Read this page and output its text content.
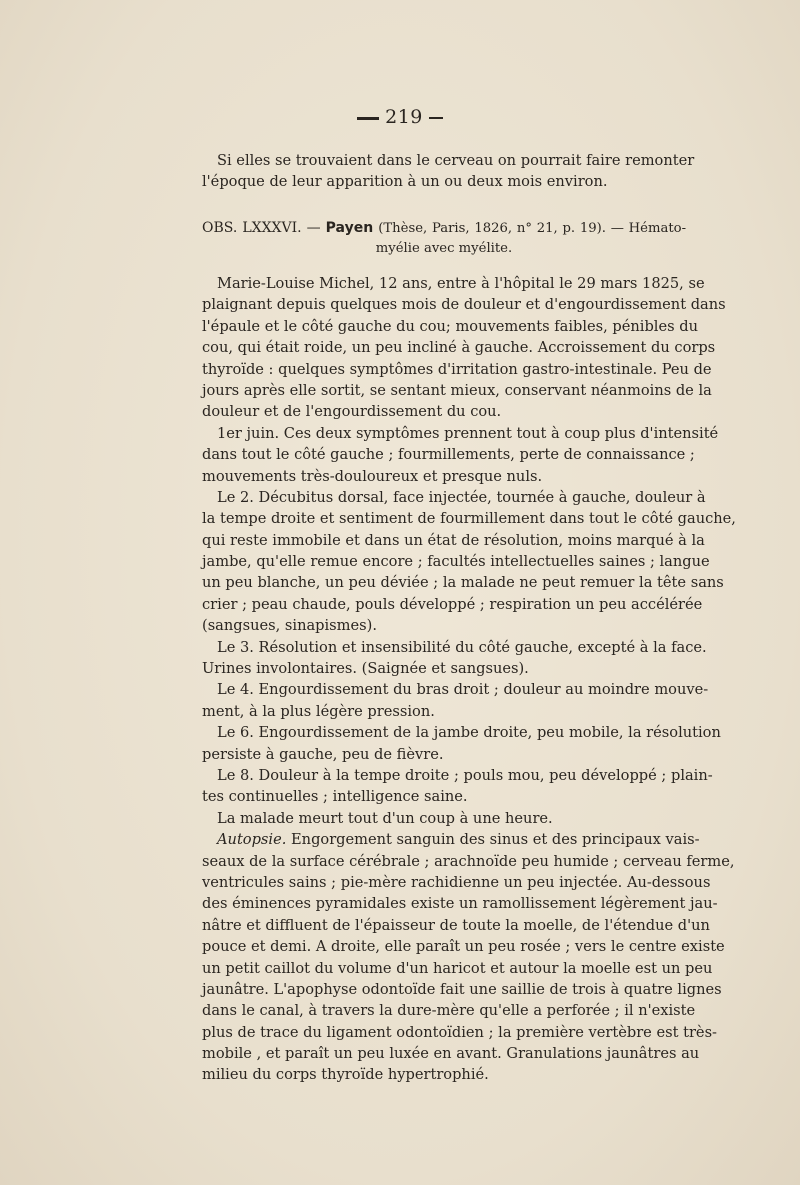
219
Si elles se trouvaient dans le cerveau on pourrait faire remonter
l'époque de leur apparition à un ou deux mois environ.
OBS. LXXXVI. — Payen (Thèse, Paris, 1826, n° 21, p. 19). — Hémato-
myélie avec myélite.
Marie-Louise Michel, 12 ans, entre à l'hôpital le 29 mars 1825, se
plaignant depuis quelques mois de douleur et d'engourdissement dans
l'épaule et le côté gauche du cou; mouvements faibles, pénibles du
cou, qui était roide, un peu incliné à gauche. Accroissement du corps
thyroïde : quelques symptômes d'irritation gastro-intestinale. Peu de
jours après elle sortit, se sentant mieux, conservant néanmoins de la
douleur et de l'engourdissement du cou.
1er juin. Ces deux symptômes prennent tout à coup plus d'intensité
dans tout le côté gauche ; fourmillements, perte de connaissance ;
mouvements très-douloureux et presque nuls.
Le 2. Décubitus dorsal, face injectée, tournée à gauche, douleur à
la tempe droite et sentiment de fourmillement dans tout le côté gauche,
qui reste immobile et dans un état de résolution, moins marqué à la
jambe, qu'elle remue encore ; facultés intellectuelles saines ; langue
un peu blanche, un peu déviée ; la malade ne peut remuer la tête sans
crier ; peau chaude, pouls développé ; respiration un peu accélérée
(sangsues, sinapismes).
Le 3. Résolution et insensibilité du côté gauche, excepté à la face.
Urines involontaires. (Saignée et sangsues).
Le 4. Engourdissement du bras droit ; douleur au moindre mouve-
ment, à la plus légère pression.
Le 6. Engourdissement de la jambe droite, peu mobile, la résolution
persiste à gauche, peu de fièvre.
Le 8. Douleur à la tempe droite ; pouls mou, peu développé ; plain-
tes continuelles ; intelligence saine.
La malade meurt tout d'un coup à une heure.
Autopsie. Engorgement sanguin des sinus et des principaux vais-
seaux de la surface cérébrale ; arachnoïde peu humide ; cerveau ferme,
ventricules sains ; pie-mère rachidienne un peu injectée. Au-dessous
des éminences pyramidales existe un ramollissement légèrement jau-
nâtre et diffluent de l'épaisseur de toute la moelle, de l'étendue d'un
pouce et demi. A droite, elle paraît un peu rosée ; vers le centre existe
un petit caillot du volume d'un haricot et autour la moelle est un peu
jaunâtre. L'apophyse odontoïde fait une saillie de trois à quatre lignes
dans le canal, à travers la dure-mère qu'elle a perforée ; il n'existe
plus de trace du ligament odontoïdien ; la première vertèbre est très-
mobile , et paraît un peu luxée en avant. Granulations jaunâtres au
milieu du corps thyroïde hypertrophié.
